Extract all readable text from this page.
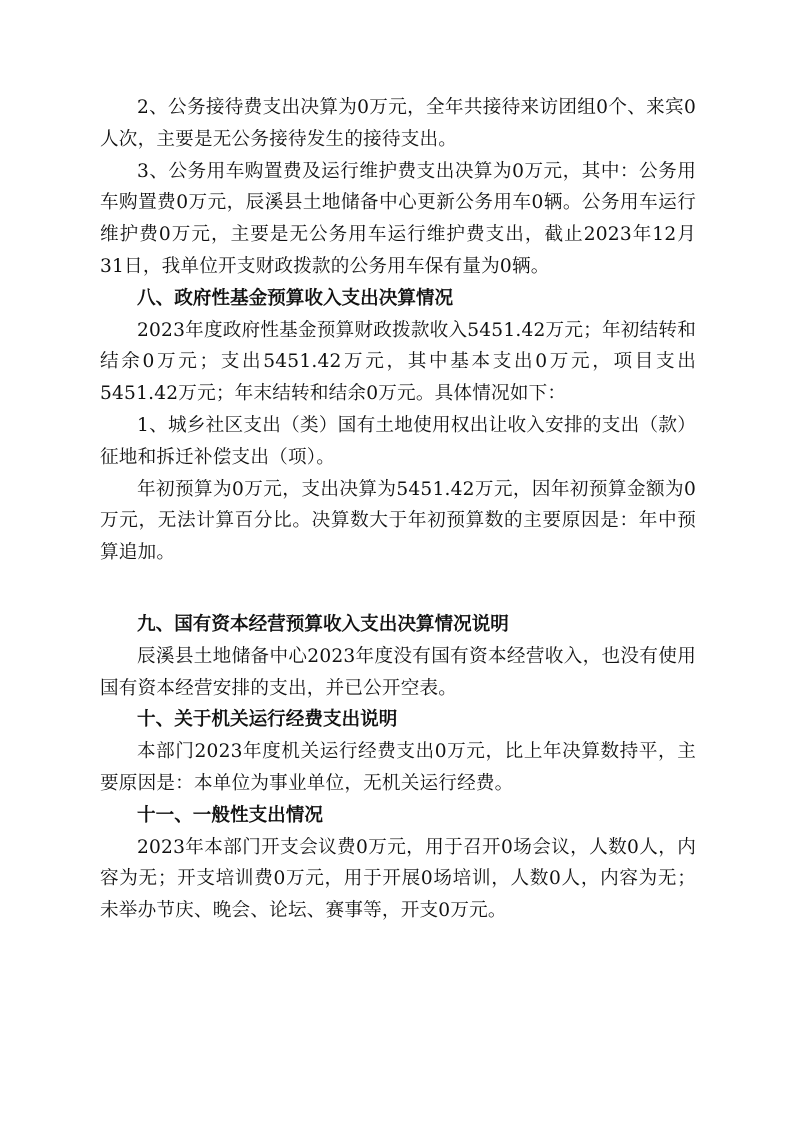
2、公务接待费支出决算为0万元，全年共接待来访团组0个、来宾0人次，主要是无公务接待发生的接待支出。

3、公务用车购置费及运行维护费支出决算为0万元，其中：公务用车购置费0万元，辰溪县土地储备中心更新公务用车0辆。公务用车运行维护费0万元，主要是无公务用车运行维护费支出，截止2023年12月31日，我单位开支财政拨款的公务用车保有量为0辆。

八、政府性基金预算收入支出决算情况

2023年度政府性基金预算财政拨款收入5451.42万元；年初结转和结余0万元；支出5451.42万元，其中基本支出0万元，项目支出5451.42万元；年末结转和结余0万元。具体情况如下：

1、城乡社区支出（类）国有土地使用权出让收入安排的支出（款）征地和拆迁补偿支出（项）。

年初预算为0万元，支出决算为5451.42万元，因年初预算金额为0万元，无法计算百分比。决算数大于年初预算数的主要原因是：年中预算追加。

九、国有资本经营预算收入支出决算情况说明

辰溪县土地储备中心2023年度没有国有资本经营收入，也没有使用国有资本经营安排的支出，并已公开空表。

十、关于机关运行经费支出说明

本部门2023年度机关运行经费支出0万元，比上年决算数持平，主要原因是：本单位为事业单位，无机关运行经费。

十一、一般性支出情况

2023年本部门开支会议费0万元，用于召开0场会议，人数0人，内容为无；开支培训费0万元，用于开展0场培训，人数0人，内容为无；未举办节庆、晚会、论坛、赛事等，开支0万元。
